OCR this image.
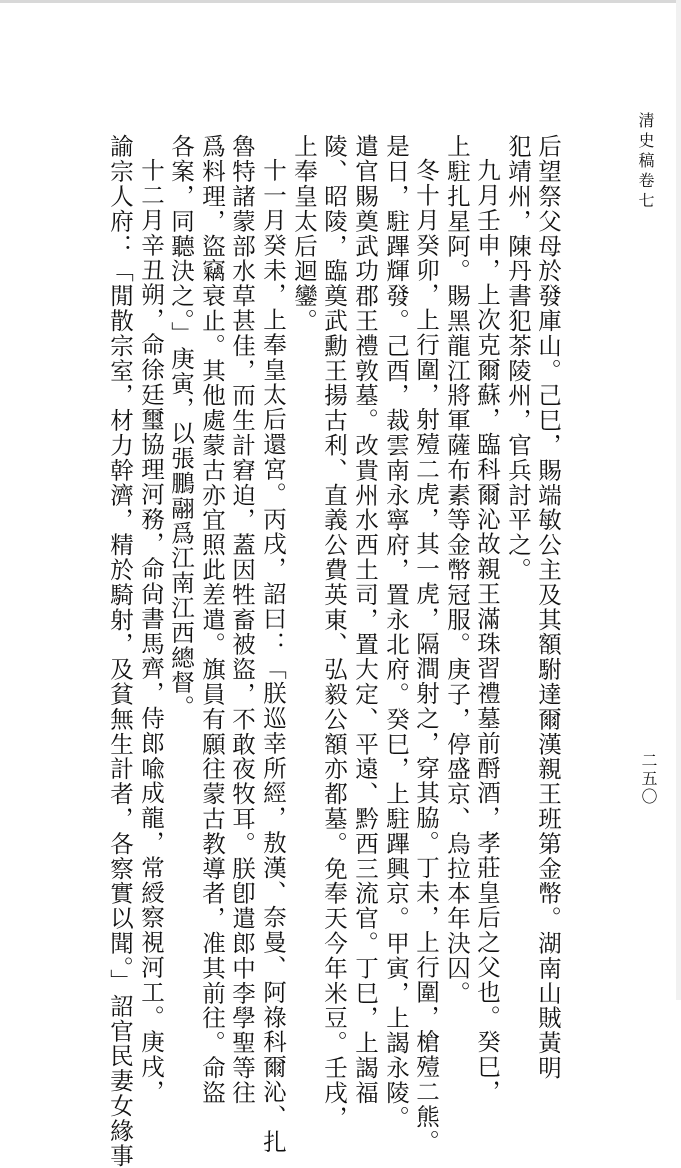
清史稿卷七
二五〇
后望祭父母於發庫山。己巳，賜端敏公主及其額駙達爾漢親王班第金幣。湖南山賊黃明
犯靖州，陳丹書犯茶陵州，官兵討平之。
九月壬申，上次克爾蘇，臨科爾沁故親王滿珠習禮墓前酹酒，孝莊皇后之父也。癸巳，
上駐扎星阿。賜黑龍江將軍薩布素等金幣冠服。庚子，停盛京、烏拉本年決囚。
冬十月癸卯，上行圍，射殪二虎，其一虎，隔澗射之，穿其脇。丁未，上行圍，槍殪二熊。
是日，駐蹕輝發。己酉，裁雲南永寧府，置永北府。癸巳，上駐蹕興京。甲寅，上謁永陵。
遣官賜奠武功郡王禮敦墓。改貴州水西土司，置大定、平遠、黔西三流官。丁巳，上謁福
陵、昭陵，臨奠武勳王揚古利、直義公費英東、弘毅公額亦都墓。免奉天今年米豆。壬戌，
上奉皇太后迴鑾。
十一月癸未，上奉皇太后還宮。丙戌，詔曰：「朕巡幸所經，敖漢、奈曼、阿祿科爾沁、扎
魯特諸蒙部水草甚佳，而生計窘迫，蓋因牲畜被盜，不敢夜牧耳。朕卽遣郎中李學聖等往
爲料理，盜竊衰止。其他處蒙古亦宜照此差遣。旗員有願往蒙古教導者，准其前往。命盜
各案，同聽決之。」庚寅，以張鵬翮爲江南江西總督。
十二月辛丑朔，命徐廷璽協理河務，命尙書馬齊，侍郎喩成龍，常綬察視河工。庚戌，
諭宗人府：「閒散宗室，材力幹濟，精於騎射，及貧無生計者，各察實以聞。」詔官民妻女緣事
